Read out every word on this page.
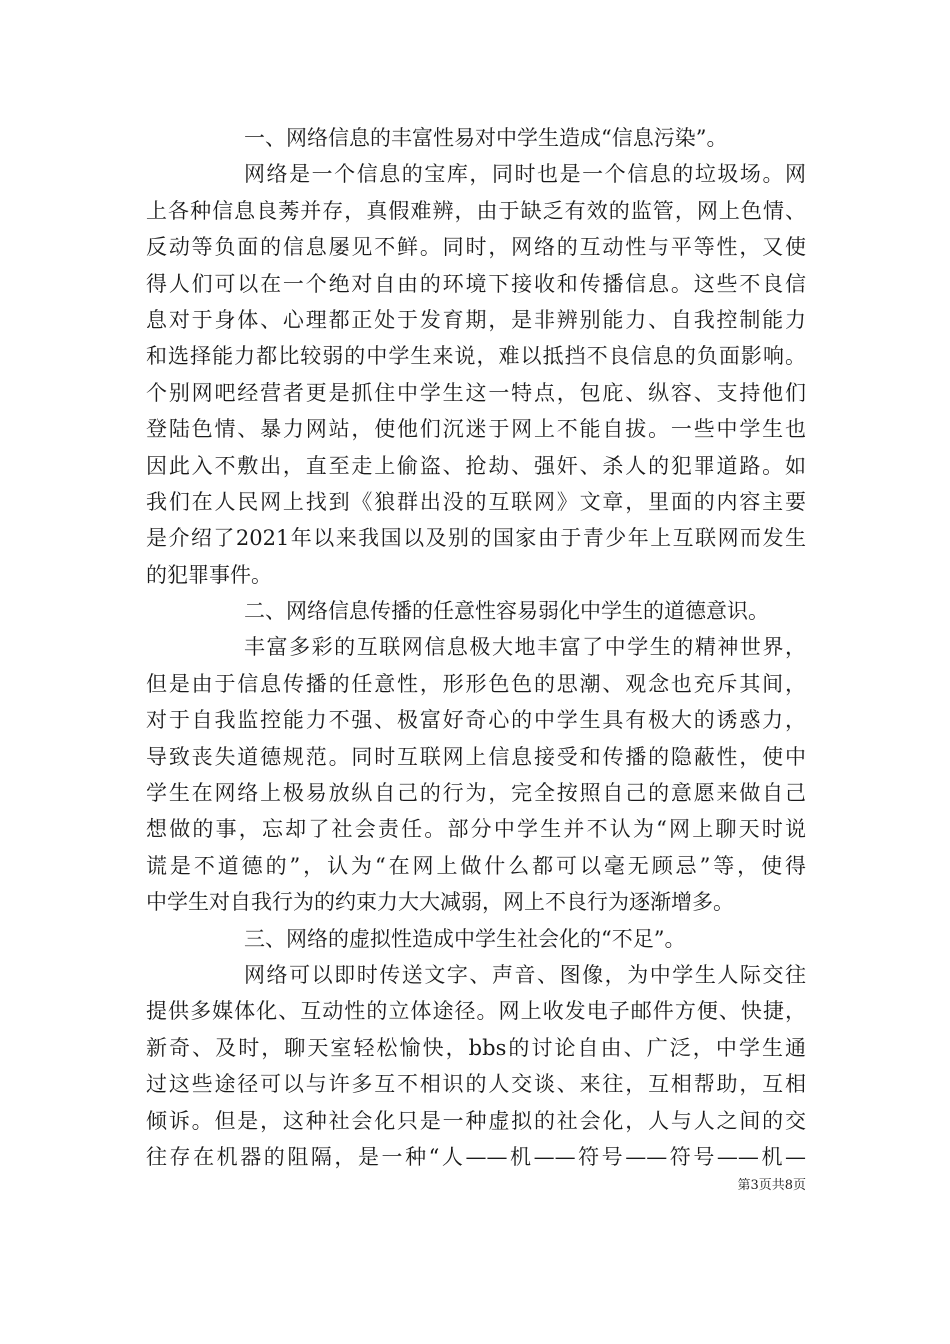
一、网络信息的丰富性易对中学生造成“信息污染”。
网络是一个信息的宝库，同时也是一个信息的垃圾场。网
上各种信息良莠并存，真假难辨，由于缺乏有效的监管，网上色情、
反动等负面的信息屡见不鲜。同时，网络的互动性与平等性，又使
得人们可以在一个绝对自由的环境下接收和传播信息。这些不良信
息对于身体、心理都正处于发育期，是非辨别能力、自我控制能力
和选择能力都比较弱的中学生来说，难以抵挡不良信息的负面影响。
个别网吧经营者更是抓住中学生这一特点，包庇、纵容、支持他们
登陆色情、暴力网站，使他们沉迷于网上不能自拔。一些中学生也
因此入不敷出，直至走上偷盗、抢劫、强奸、杀人的犯罪道路。如
我们在人民网上找到《狼群出没的互联网》文章，里面的内容主要
是介绍了2021年以来我国以及别的国家由于青少年上互联网而发生
的犯罪事件。
二、网络信息传播的任意性容易弱化中学生的道德意识。
丰富多彩的互联网信息极大地丰富了中学生的精神世界，
但是由于信息传播的任意性，形形色色的思潮、观念也充斥其间，
对于自我监控能力不强、极富好奇心的中学生具有极大的诱惑力，
导致丧失道德规范。同时互联网上信息接受和传播的隐蔽性，使中
学生在网络上极易放纵自己的行为，完全按照自己的意愿来做自己
想做的事，忘却了社会责任。部分中学生并不认为“网上聊天时说
谎是不道德的”，认为“在网上做什么都可以毫无顾忌”等，使得
中学生对自我行为的约束力大大减弱，网上不良行为逐渐增多。
三、网络的虚拟性造成中学生社会化的“不足”。
网络可以即时传送文字、声音、图像，为中学生人际交往
提供多媒体化、互动性的立体途径。网上收发电子邮件方便、快捷，
新奇、及时，聊天室轻松愉快，bbs的讨论自由、广泛，中学生通
过这些途径可以与许多互不相识的人交谈、来往，互相帮助，互相
倾诉。但是，这种社会化只是一种虚拟的社会化，人与人之间的交
往存在机器的阻隔，是一种“人——机——符号——符号——机—
第3页共8页
